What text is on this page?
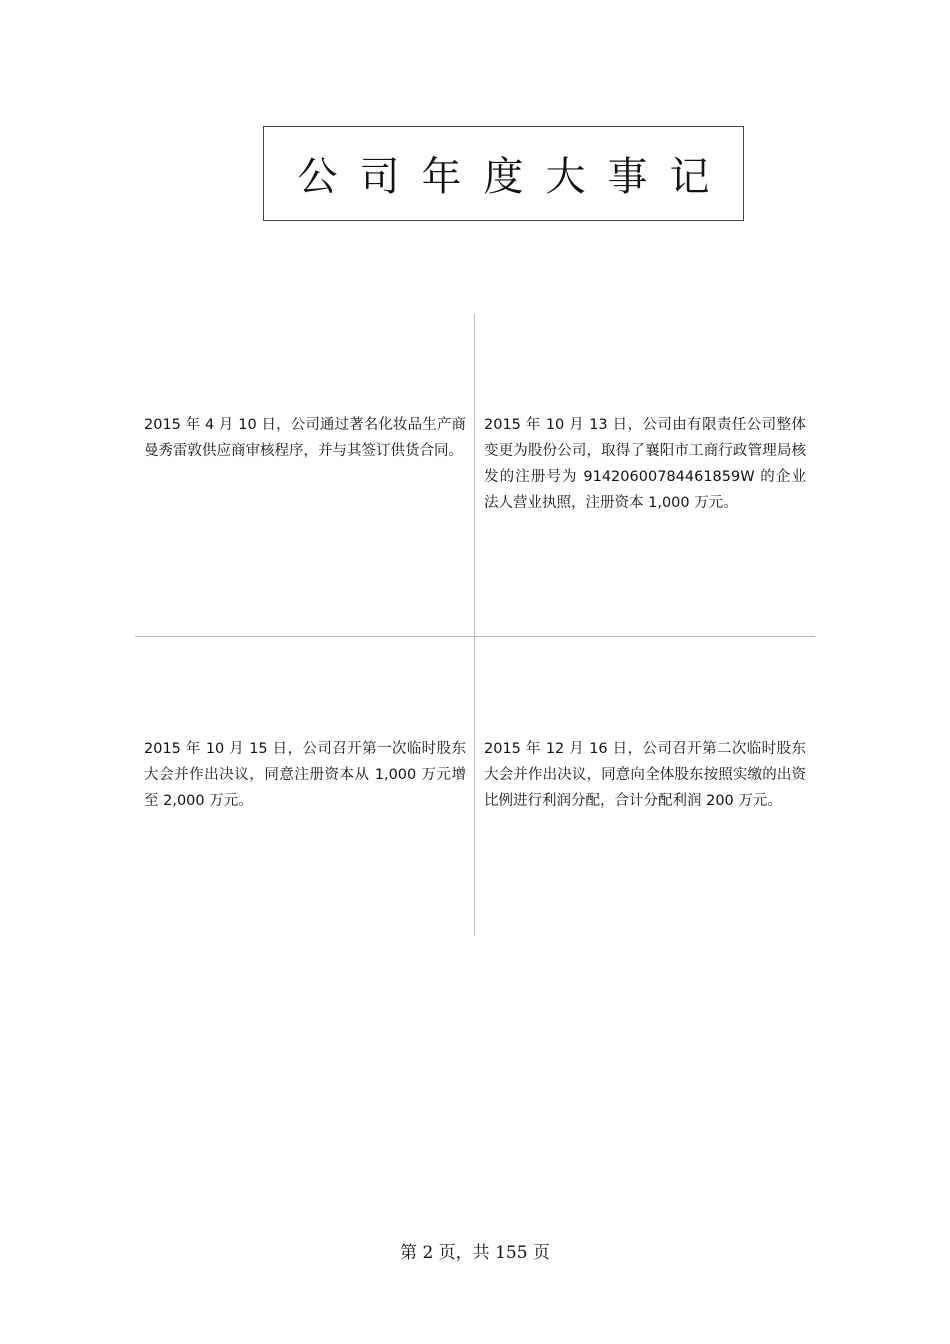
公司年度大事记
2015 年 4 月 10 日，公司通过著名化妆品生产商曼秀雷敦供应商审核程序，并与其签订供货合同。
2015 年 10 月 13 日，公司由有限责任公司整体变更为股份公司，取得了襄阳市工商行政管理局核发的注册号为 91420600784461859W 的企业法人营业执照，注册资本 1,000 万元。
2015 年 10 月 15 日，公司召开第一次临时股东大会并作出决议，同意注册资本从 1,000 万元增至 2,000 万元。
2015 年 12 月 16 日，公司召开第二次临时股东大会并作出决议，同意向全体股东按照实缴的出资比例进行利润分配，合计分配利润 200 万元。
第 2 页，共 155 页
